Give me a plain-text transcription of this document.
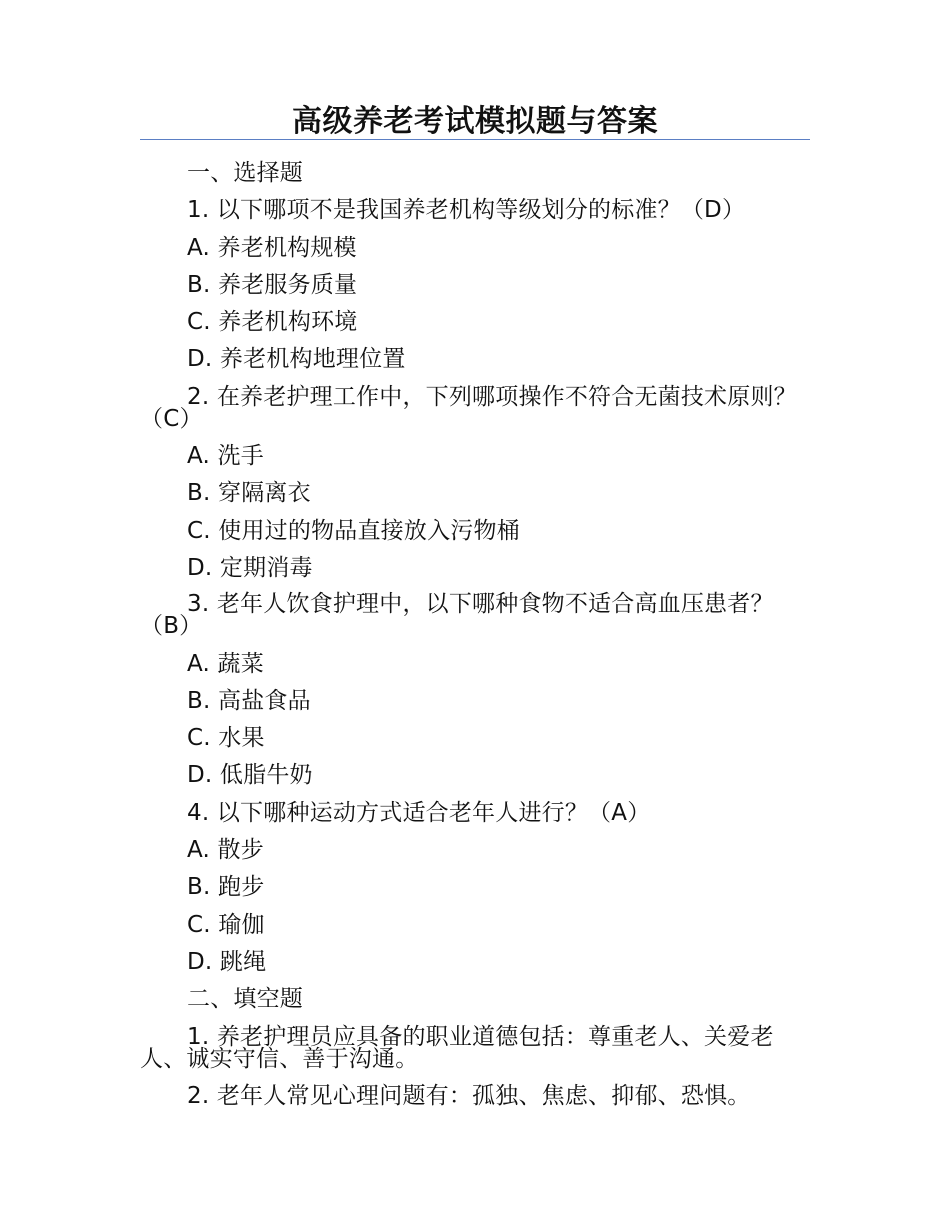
高级养老考试模拟题与答案
一、选择题
1. 以下哪项不是我国养老机构等级划分的标准？（D）
A. 养老机构规模
B. 养老服务质量
C. 养老机构环境
D. 养老机构地理位置
2. 在养老护理工作中，下列哪项操作不符合无菌技术原则？（C）
A. 洗手
B. 穿隔离衣
C. 使用过的物品直接放入污物桶
D. 定期消毒
3. 老年人饮食护理中，以下哪种食物不适合高血压患者？（B）
A. 蔬菜
B. 高盐食品
C. 水果
D. 低脂牛奶
4. 以下哪种运动方式适合老年人进行？（A）
A. 散步
B. 跑步
C. 瑜伽
D. 跳绳
二、填空题
1. 养老护理员应具备的职业道德包括：尊重老人、关爱老人、诚实守信、善于沟通。
2. 老年人常见心理问题有：孤独、焦虑、抑郁、恐惧。
